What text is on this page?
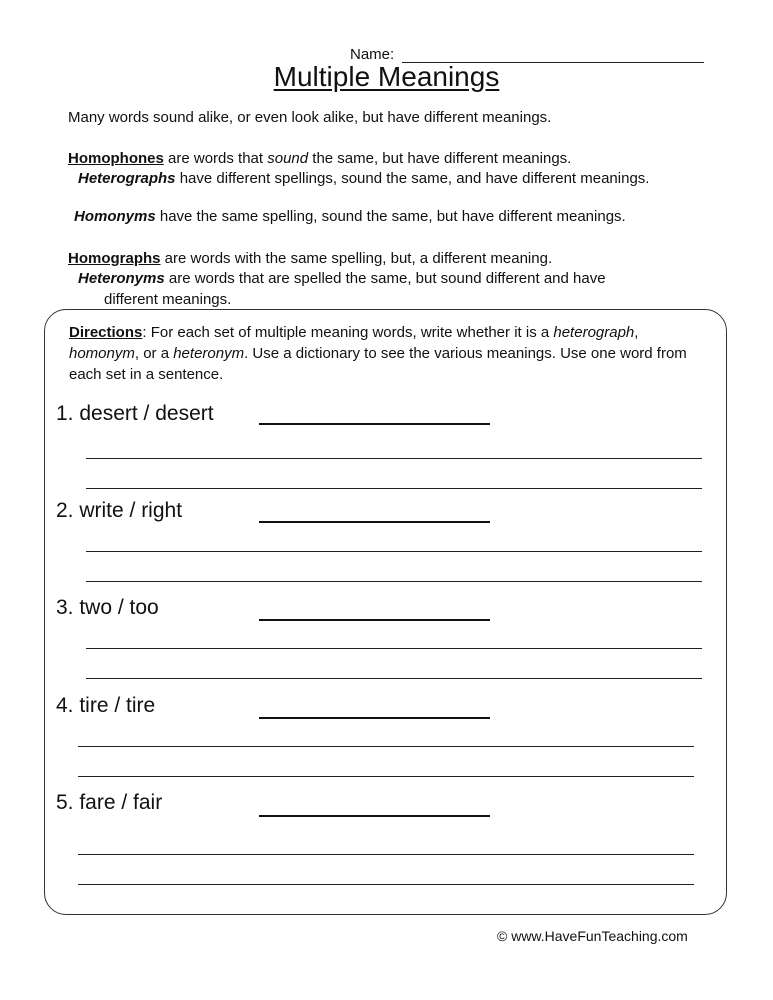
Name:
Multiple Meanings
Many words sound alike, or even look alike, but have different meanings.
Homophones are words that sound the same, but have different meanings.
Heterographs have different spellings, sound the same, and have different meanings.
Homonyms have the same spelling, sound the same, but have different meanings.
Homographs are words with the same spelling, but, a different meaning.
Heteronyms are words that are spelled the same, but sound different and have
different meanings.
Directions: For each set of multiple meaning words, write whether it is a heterograph, homonym, or a heteronym. Use a dictionary to see the various meanings. Use one word from each set in a sentence.
1. desert / desert
2. write / right
3. two / too
4. tire / tire
5. fare / fair
© www.HaveFunTeaching.com
